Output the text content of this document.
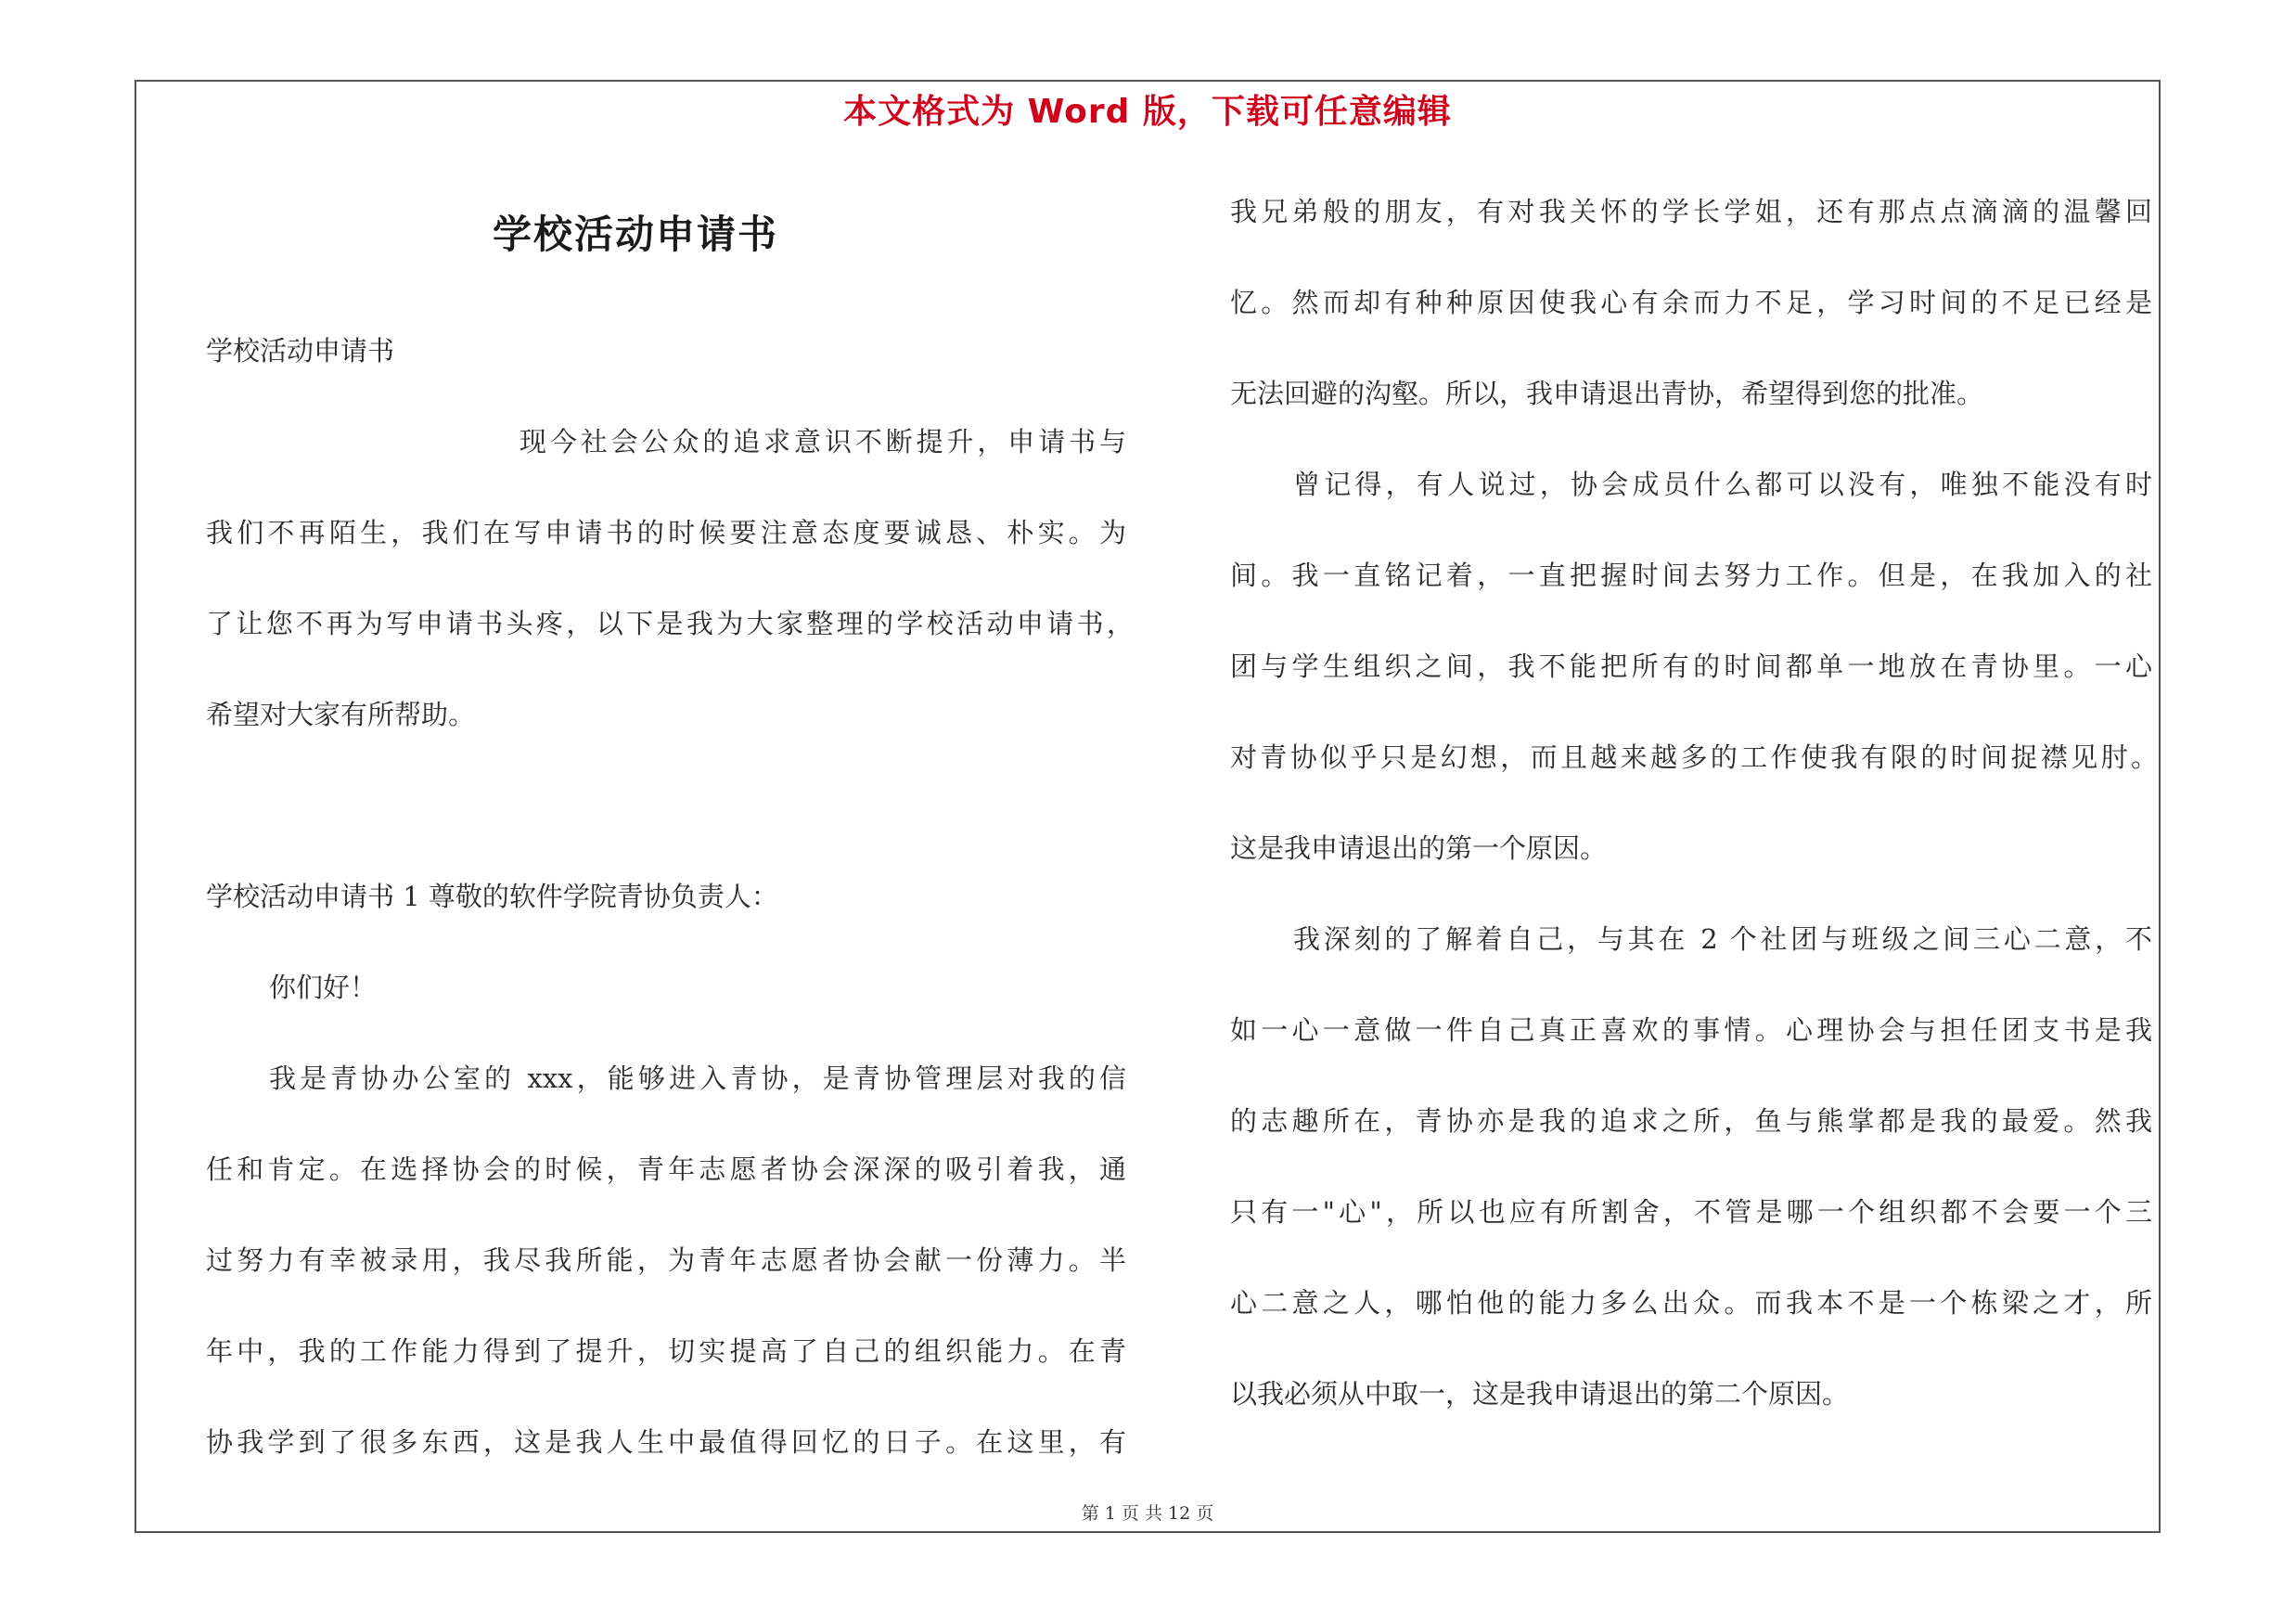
本文格式为 Word 版，下载可任意编辑
学校活动申请书
学校活动申请书
现今社会公众的追求意识不断提升，申请书与
我们不再陌生，我们在写申请书的时候要注意态度要诚恳、朴实。为
了让您不再为写申请书头疼，以下是我为大家整理的学校活动申请书，
希望对大家有所帮助。
学校活动申请书 1 尊敬的软件学院青协负责人：
你们好！
我是青协办公室的 xxx，能够进入青协，是青协管理层对我的信
任和肯定。在选择协会的时候，青年志愿者协会深深的吸引着我，通
过努力有幸被录用，我尽我所能，为青年志愿者协会献一份薄力。半
年中，我的工作能力得到了提升，切实提高了自己的组织能力。在青
协我学到了很多东西，这是我人生中最值得回忆的日子。在这里，有
我兄弟般的朋友，有对我关怀的学长学姐，还有那点点滴滴的温馨回
忆。然而却有种种原因使我心有余而力不足，学习时间的不足已经是
无法回避的沟壑。所以，我申请退出青协，希望得到您的批准。
曾记得，有人说过，协会成员什么都可以没有，唯独不能没有时
间。我一直铭记着，一直把握时间去努力工作。但是，在我加入的社
团与学生组织之间，我不能把所有的时间都单一地放在青协里。一心
对青协似乎只是幻想，而且越来越多的工作使我有限的时间捉襟见肘。
这是我申请退出的第一个原因。
我深刻的了解着自己，与其在 2 个社团与班级之间三心二意，不
如一心一意做一件自己真正喜欢的事情。心理协会与担任团支书是我
的志趣所在，青协亦是我的追求之所，鱼与熊掌都是我的最爱。然我
只有一"心"，所以也应有所割舍，不管是哪一个组织都不会要一个三
心二意之人，哪怕他的能力多么出众。而我本不是一个栋梁之才，所
以我必须从中取一，这是我申请退出的第二个原因。
第 1 页 共 12 页
